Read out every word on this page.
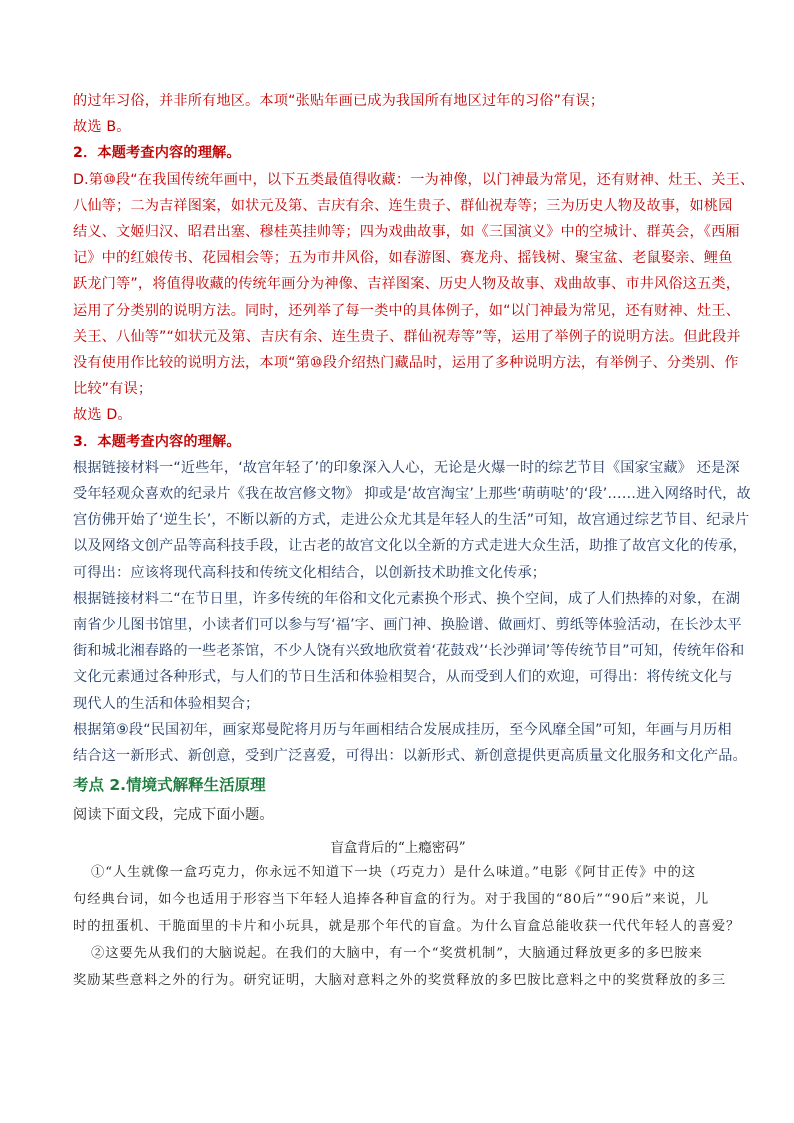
的过年习俗，并非所有地区。本项“张贴年画已成为我国所有地区过年的习俗”有误；
故选 B。
2．本题考查内容的理解。
D.第⑩段“在我国传统年画中，以下五类最值得收藏：一为神像，以门神最为常见，还有财神、灶王、关王、
八仙等；二为吉祥图案，如状元及第、吉庆有余、连生贵子、群仙祝寿等；三为历史人物及故事，如桃园
结义、文姬归汉、昭君出塞、穆桂英挂帅等；四为戏曲故事，如《三国演义》中的空城计、群英会，《西厢
记》中的红娘传书、花园相会等；五为市井风俗，如春游图、赛龙舟、摇钱树、聚宝盆、老鼠娶亲、鲤鱼
跃龙门等”，将值得收藏的传统年画分为神像、吉祥图案、历史人物及故事、戏曲故事、市井风俗这五类，
运用了分类别的说明方法。同时，还列举了每一类中的具体例子，如“以门神最为常见，还有财神、灶王、
关王、八仙等”“如状元及第、吉庆有余、连生贵子、群仙祝寿等”等，运用了举例子的说明方法。但此段并
没有使用作比较的说明方法，本项“第⑩段介绍热门藏品时，运用了多种说明方法，有举例子、分类别、作
比较”有误；
故选 D。
3．本题考查内容的理解。
根据链接材料一“近些年，‘故宫年轻了’的印象深入人心，无论是火爆一时的综艺节目《国家宝藏》 还是深
受年轻观众喜欢的纪录片《我在故宫修文物》 抑或是‘故宫淘宝’上那些‘萌萌哒’的‘段’……进入网络时代，故
宫仿佛开始了‘逆生长’，不断以新的方式，走进公众尤其是年轻人的生活”可知，故宫通过综艺节目、纪录片
以及网络文创产品等高科技手段，让古老的故宫文化以全新的方式走进大众生活，助推了故宫文化的传承，
可得出：应该将现代高科技和传统文化相结合，以创新技术助推文化传承；
根据链接材料二“在节日里，许多传统的年俗和文化元素换个形式、换个空间，成了人们热捧的对象，在湖
南省少儿图书馆里，小读者们可以参与写‘福’字、画门神、换脸谱、做画灯、剪纸等体验活动，在长沙太平
街和城北湘春路的一些老茶馆，不少人饶有兴致地欣赏着‘花鼓戏’‘长沙弹词’等传统节目”可知，传统年俗和
文化元素通过各种形式，与人们的节日生活和体验相契合，从而受到人们的欢迎，可得出：将传统文化与
现代人的生活和体验相契合；
根据第⑨段“民国初年，画家郑曼陀将月历与年画相结合发展成挂历，至今风靡全国”可知，年画与月历相
结合这一新形式、新创意，受到广泛喜爱，可得出：以新形式、新创意提供更高质量文化服务和文化产品。
考点 2.情境式解释生活原理
阅读下面文段，完成下面小题。
盲盒背后的“上瘾密码”
①“人生就像一盒巧克力，你永远不知道下一块（巧克力）是什么味道。”电影《阿甘正传》中的这
句经典台词，如今也适用于形容当下年轻人追捧各种盲盒的行为。对于我国的“80后”“90后”来说，儿
时的扭蛋机、干脆面里的卡片和小玩具，就是那个年代的盲盒。为什么盲盒总能收获一代代年轻人的喜爱？
②这要先从我们的大脑说起。在我们的大脑中，有一个“奖赏机制”，大脑通过释放更多的多巴胺来
奖励某些意料之外的行为。研究证明，大脑对意料之外的奖赏释放的多巴胺比意料之中的奖赏释放的多三
